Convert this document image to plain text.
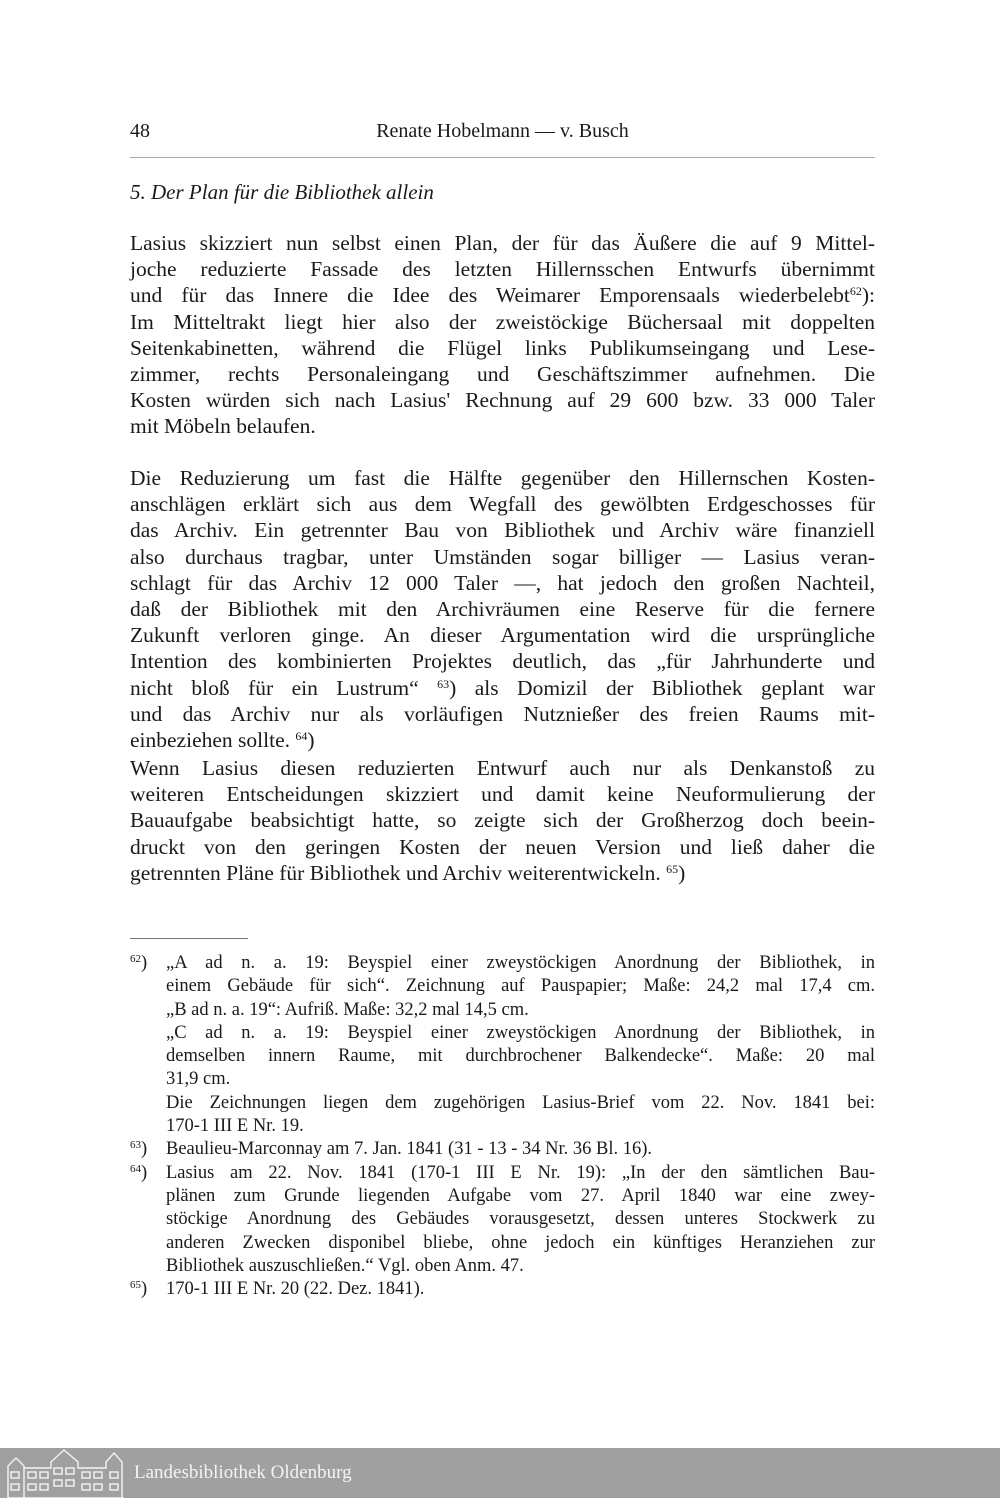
48	Renate Hobelmann — v. Busch
5. Der Plan für die Bibliothek allein
Lasius skizziert nun selbst einen Plan, der für das Äußere die auf 9 Mittel-
joche reduzierte Fassade des letzten Hillernsschen Entwurfs übernimmt
und für das Innere die Idee des Weimarer Emporensaals wiederbelebt$^{62}$):
Im Mitteltrakt liegt hier also der zweistöckige Büchersaal mit doppelten
Seitenkabinetten, während die Flügel links Publikumseingang und Lese-
zimmer, rechts Personaleingang und Geschäftszimmer aufnehmen. Die
Kosten würden sich nach Lasius' Rechnung auf 29 600 bzw. 33 000 Taler
mit Möbeln belaufen.
Die Reduzierung um fast die Hälfte gegenüber den Hillernschen Kosten-
anschlägen erklärt sich aus dem Wegfall des gewölbten Erdgeschosses für
das Archiv. Ein getrennter Bau von Bibliothek und Archiv wäre finanziell
also durchaus tragbar, unter Umständen sogar billiger — Lasius veran-
schlagt für das Archiv 12 000 Taler —, hat jedoch den großen Nachteil,
daß der Bibliothek mit den Archivräumen eine Reserve für die fernere
Zukunft verloren ginge. An dieser Argumentation wird die ursprüngliche
Intention des kombinierten Projektes deutlich, das „für Jahrhunderte und
nicht bloß für ein Lustrum“ $^{63}$) als Domizil der Bibliothek geplant war
und das Archiv nur als vorläufigen Nutznießer des freien Raums mit-
einbeziehen sollte. $^{64}$)
Wenn Lasius diesen reduzierten Entwurf auch nur als Denkanstoß zu
weiteren Entscheidungen skizziert und damit keine Neuformulierung der
Bauaufgabe beabsichtigt hatte, so zeigte sich der Großherzog doch beein-
druckt von den geringen Kosten der neuen Version und ließ daher die
getrennten Pläne für Bibliothek und Archiv weiterentwickeln. $^{65}$)
$^{62}$) „A ad n. a. 19: Beyspiel einer zweystöckigen Anordnung der Bibliothek, in
einem Gebäude für sich“. Zeichnung auf Pauspapier; Maße: 24,2 mal 17,4 cm.
„B ad n. a. 19“: Aufriß. Maße: 32,2 mal 14,5 cm.
„C ad n. a. 19: Beyspiel einer zweystöckigen Anordnung der Bibliothek, in
demselben innern Raume, mit durchbrochener Balkendecke“. Maße: 20 mal
31,9 cm.
Die Zeichnungen liegen dem zugehörigen Lasius-Brief vom 22. Nov. 1841 bei:
170-1 III E Nr. 19.
$^{63}$) Beaulieu-Marconnay am 7. Jan. 1841 (31 - 13 - 34 Nr. 36 Bl. 16).
$^{64}$) Lasius am 22. Nov. 1841 (170-1 III E Nr. 19): „In der den sämtlichen Bau-
plänen zum Grunde liegenden Aufgabe vom 27. April 1840 war eine zwey-
stöckige Anordnung des Gebäudes vorausgesetzt, dessen unteres Stockwerk zu
anderen Zwecken disponibel bliebe, ohne jedoch ein künftiges Heranziehen zur
Bibliothek auszuschließen.“ Vgl. oben Anm. 47.
$^{65}$) 170-1 III E Nr. 20 (22. Dez. 1841).
Landesbibliothek Oldenburg
